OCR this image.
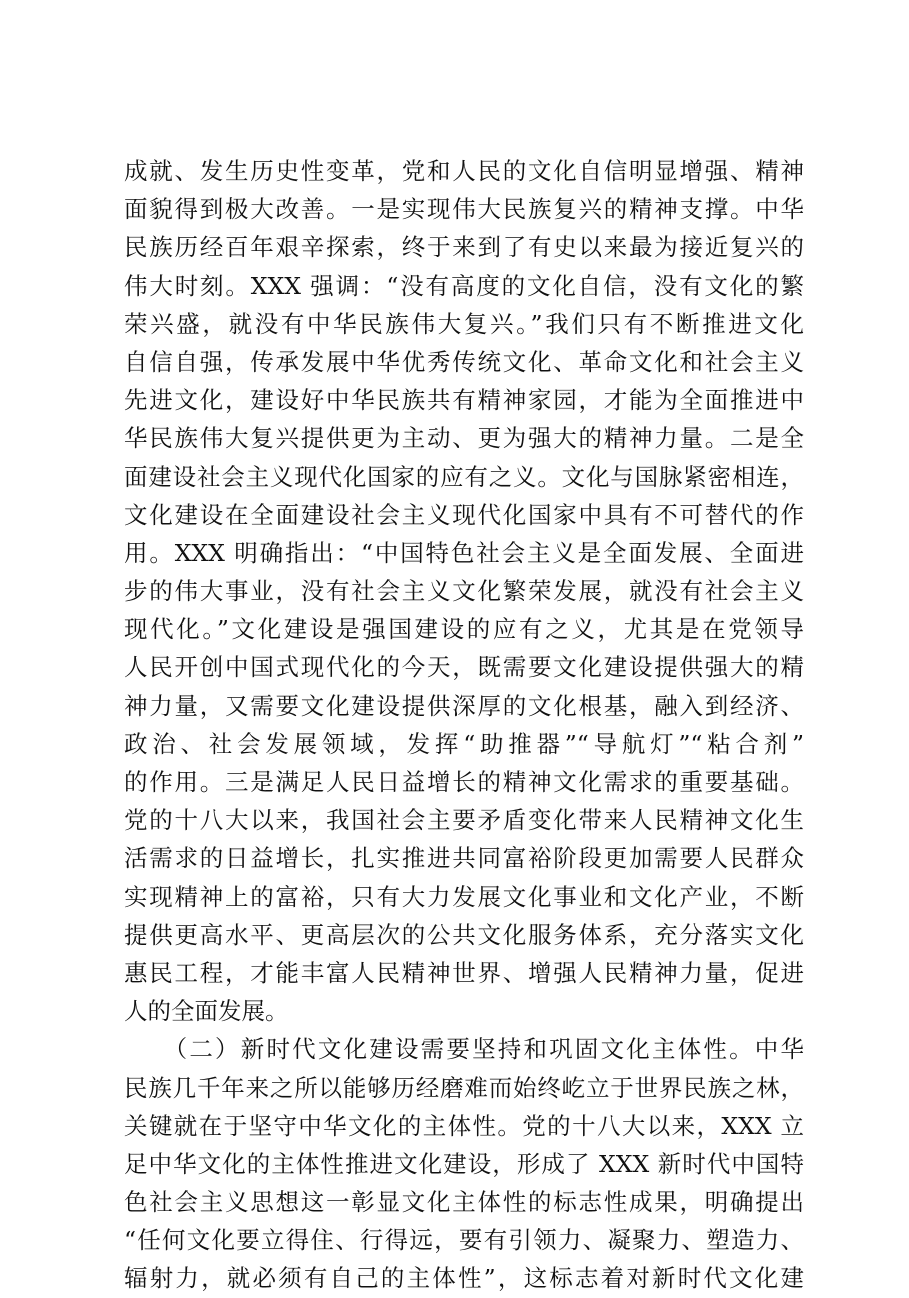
成就、发生历史性变革，党和人民的文化自信明显增强、精神
面貌得到极大改善。一是实现伟大民族复兴的精神支撑。中华
民族历经百年艰辛探索，终于来到了有史以来最为接近复兴的
伟大时刻。XXX 强调：“没有高度的文化自信，没有文化的繁
荣兴盛，就没有中华民族伟大复兴。”我们只有不断推进文化
自信自强，传承发展中华优秀传统文化、革命文化和社会主义
先进文化，建设好中华民族共有精神家园，才能为全面推进中
华民族伟大复兴提供更为主动、更为强大的精神力量。二是全
面建设社会主义现代化国家的应有之义。文化与国脉紧密相连，
文化建设在全面建设社会主义现代化国家中具有不可替代的作
用。XXX 明确指出：“中国特色社会主义是全面发展、全面进
步的伟大事业，没有社会主义文化繁荣发展，就没有社会主义
现代化。”文化建设是强国建设的应有之义，尤其是在党领导
人民开创中国式现代化的今天，既需要文化建设提供强大的精
神力量，又需要文化建设提供深厚的文化根基，融入到经济、
政治、社会发展领域，发挥“助推器”“导航灯”“粘合剂”
的作用。三是满足人民日益增长的精神文化需求的重要基础。
党的十八大以来，我国社会主要矛盾变化带来人民精神文化生
活需求的日益增长，扎实推进共同富裕阶段更加需要人民群众
实现精神上的富裕，只有大力发展文化事业和文化产业，不断
提供更高水平、更高层次的公共文化服务体系，充分落实文化
惠民工程，才能丰富人民精神世界、增强人民精神力量，促进
人的全面发展。
　　（二）新时代文化建设需要坚持和巩固文化主体性。中华
民族几千年来之所以能够历经磨难而始终屹立于世界民族之林，
关键就在于坚守中华文化的主体性。党的十八大以来，XXX 立
足中华文化的主体性推进文化建设，形成了 XXX 新时代中国特
色社会主义思想这一彰显文化主体性的标志性成果，明确提出
“任何文化要立得住、行得远，要有引领力、凝聚力、塑造力、
辐射力，就必须有自己的主体性”，这标志着对新时代文化建
